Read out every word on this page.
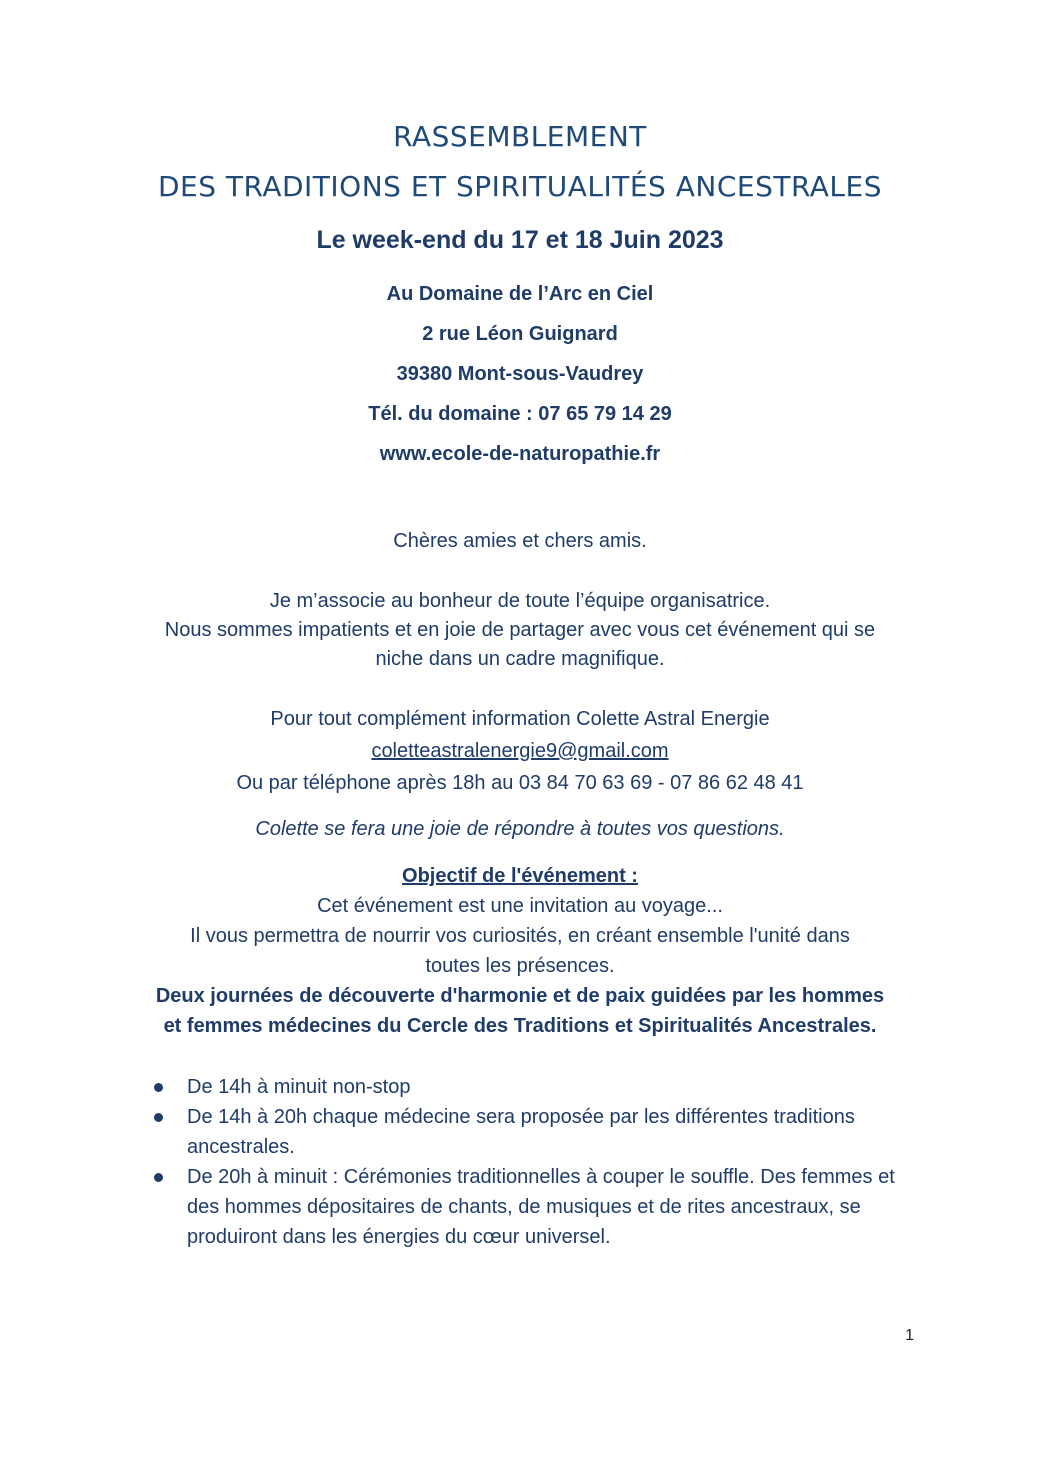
RASSEMBLEMENT
DES TRADITIONS ET SPIRITUALITÉS ANCESTRALES
Le week-end du 17 et 18 Juin 2023
Au Domaine de l’Arc en Ciel
2 rue Léon Guignard
39380 Mont-sous-Vaudrey
Tél. du domaine : 07 65 79 14 29
www.ecole-de-naturopathie.fr
Chères amies et chers amis.
Je m’associe au bonheur de toute l’équipe organisatrice.
Nous sommes impatients et en joie de partager avec vous cet événement qui se
niche dans un cadre magnifique.
Pour tout complément information Colette Astral Energie
coletteastralenergie9@gmail.com
Ou par téléphone après 18h au 03 84 70 63 69 - 07 86 62 48 41
Colette se fera une joie de répondre à toutes vos questions.
Objectif de l'événement :
Cet événement est une invitation au voyage...
Il vous permettra de nourrir vos curiosités, en créant ensemble l'unité dans
toutes les présences.
Deux journées de découverte d'harmonie et de paix guidées par les hommes
et femmes médecines du Cercle des Traditions et Spiritualités Ancestrales.
De 14h à minuit non-stop
De 14h à 20h chaque médecine sera proposée par les différentes traditions ancestrales.
De 20h à minuit : Cérémonies traditionnelles à couper le souffle. Des femmes et des hommes dépositaires de chants, de musiques et de rites ancestraux, se produiront dans les énergies du cœur universel.
1
